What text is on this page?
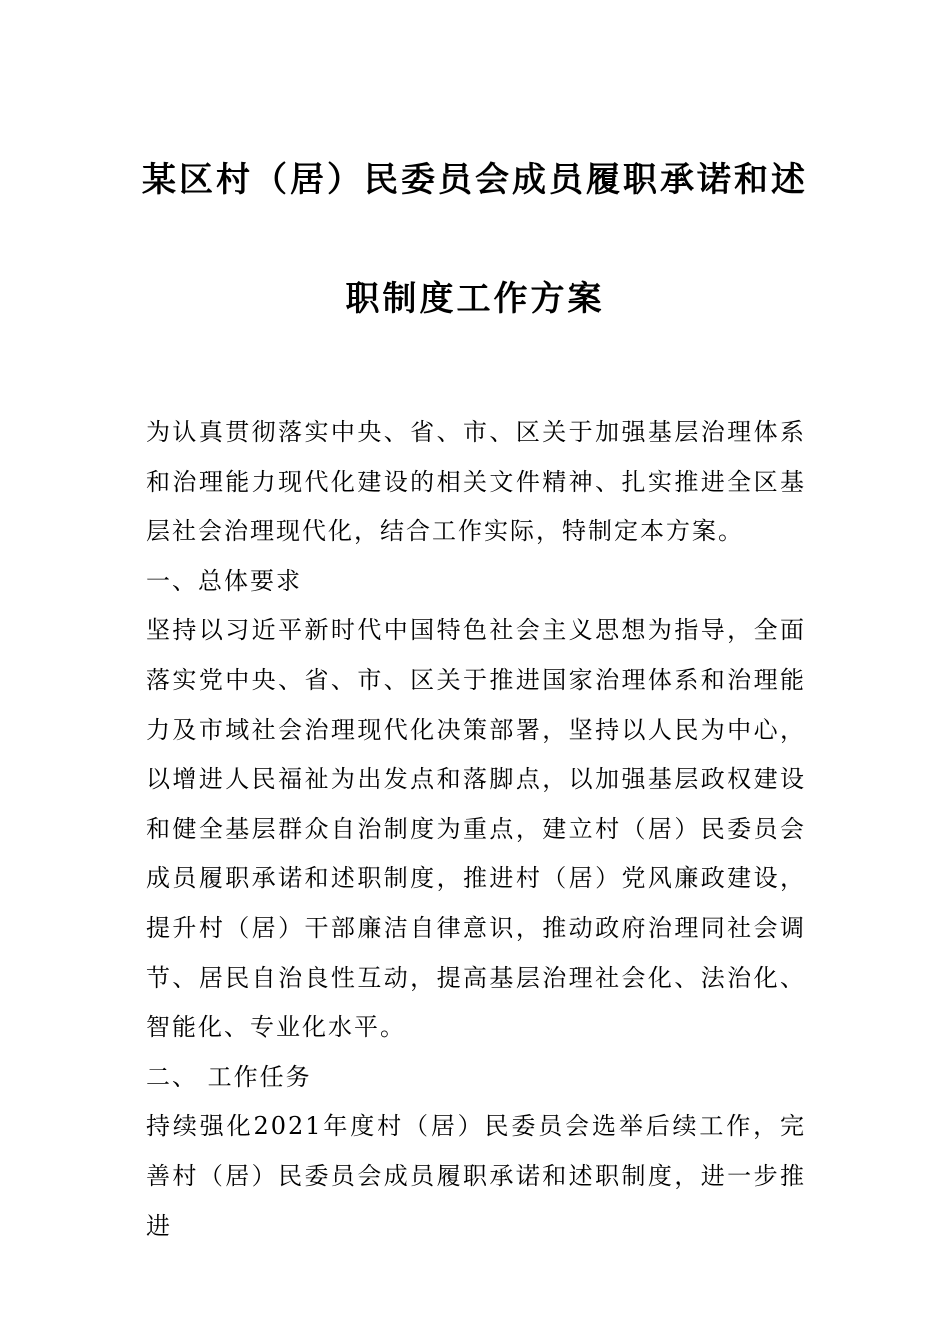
某区村（居）民委员会成员履职承诺和述
职制度工作方案

为认真贯彻落实中央、省、市、区关于加强基层治理体系和治理能力现代化建设的相关文件精神、扎实推进全区基层社会治理现代化，结合工作实际，特制定本方案。

一、总体要求

坚持以习近平新时代中国特色社会主义思想为指导，全面落实党中央、省、市、区关于推进国家治理体系和治理能力及市域社会治理现代化决策部署，坚持以人民为中心，以增进人民福祉为出发点和落脚点，以加强基层政权建设和健全基层群众自治制度为重点，建立村（居）民委员会成员履职承诺和述职制度，推进村（居）党风廉政建设，提升村（居）干部廉洁自律意识，推动政府治理同社会调节、居民自治良性互动，提高基层治理社会化、法治化、智能化、专业化水平。

二、 工作任务

持续强化2021年度村（居）民委员会选举后续工作，完善村（居）民委员会成员履职承诺和述职制度，进一步推进
